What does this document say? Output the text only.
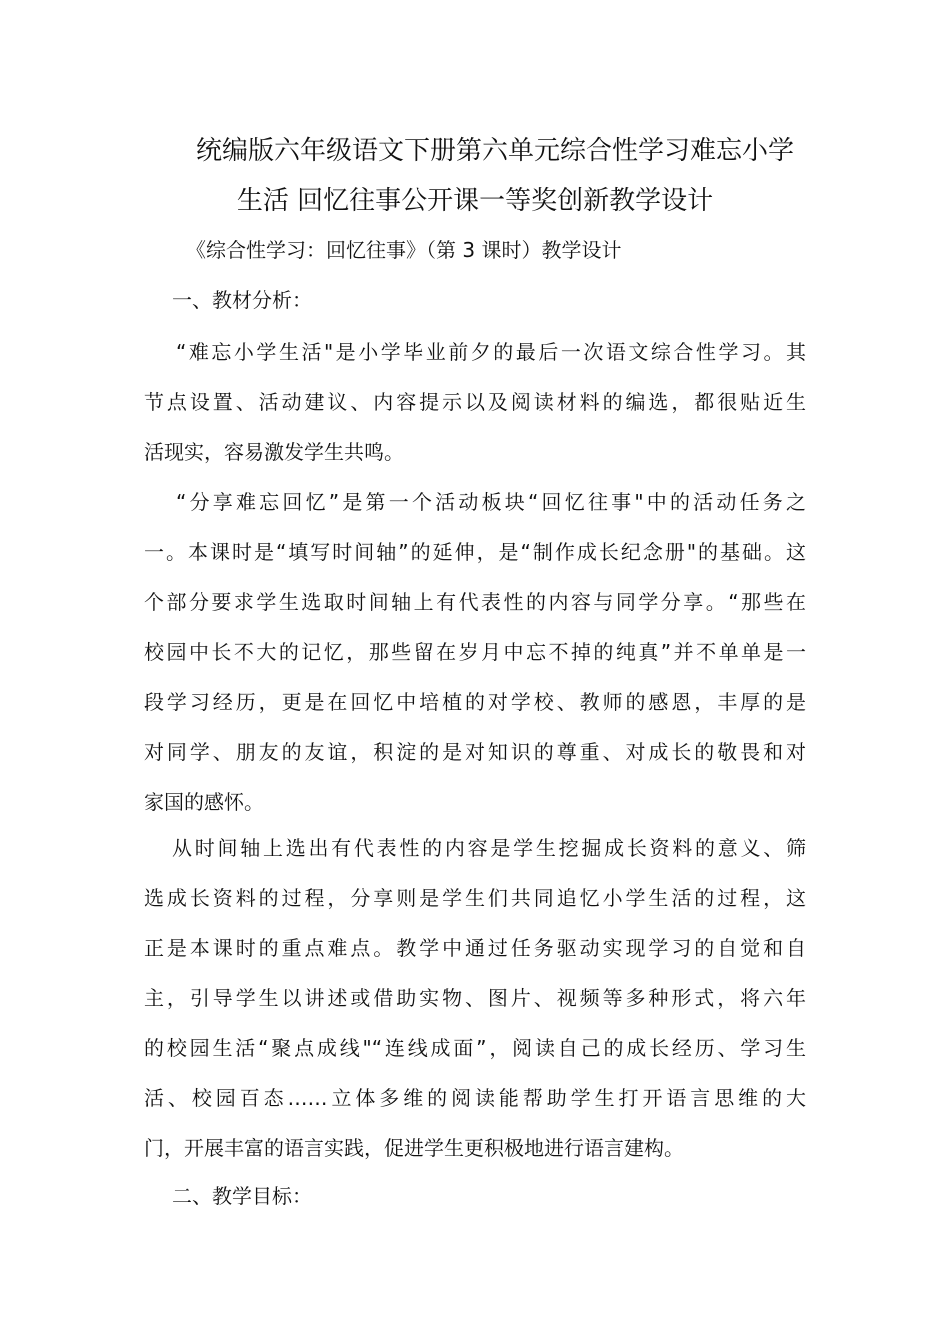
统编版六年级语文下册第六单元综合性学习难忘小学
生活 回忆往事公开课一等奖创新教学设计
《综合性学习：回忆往事》（第 3 课时）教学设计
一、教材分析：
“难忘小学生活"是小学毕业前夕的最后一次语文综合性学习。其
节点设置、活动建议、内容提示以及阅读材料的编选，都很贴近生
活现实，容易激发学生共鸣。
“分享难忘回忆”是第一个活动板块“回忆往事"中的活动任务之
一。本课时是“填写时间轴”的延伸，是“制作成长纪念册"的基础。这
个部分要求学生选取时间轴上有代表性的内容与同学分享。“那些在
校园中长不大的记忆，那些留在岁月中忘不掉的纯真”并不单单是一
段学习经历，更是在回忆中培植的对学校、教师的感恩，丰厚的是
对同学、朋友的友谊，积淀的是对知识的尊重、对成长的敬畏和对
家国的感怀。
从时间轴上选出有代表性的内容是学生挖掘成长资料的意义、筛
选成长资料的过程，分享则是学生们共同追忆小学生活的过程，这
正是本课时的重点难点。教学中通过任务驱动实现学习的自觉和自
主，引导学生以讲述或借助实物、图片、视频等多种形式，将六年
的校园生活“聚点成线"“连线成面”，阅读自己的成长经历、学习生
活、校园百态……立体多维的阅读能帮助学生打开语言思维的大
门，开展丰富的语言实践，促进学生更积极地进行语言建构。
二、教学目标：
